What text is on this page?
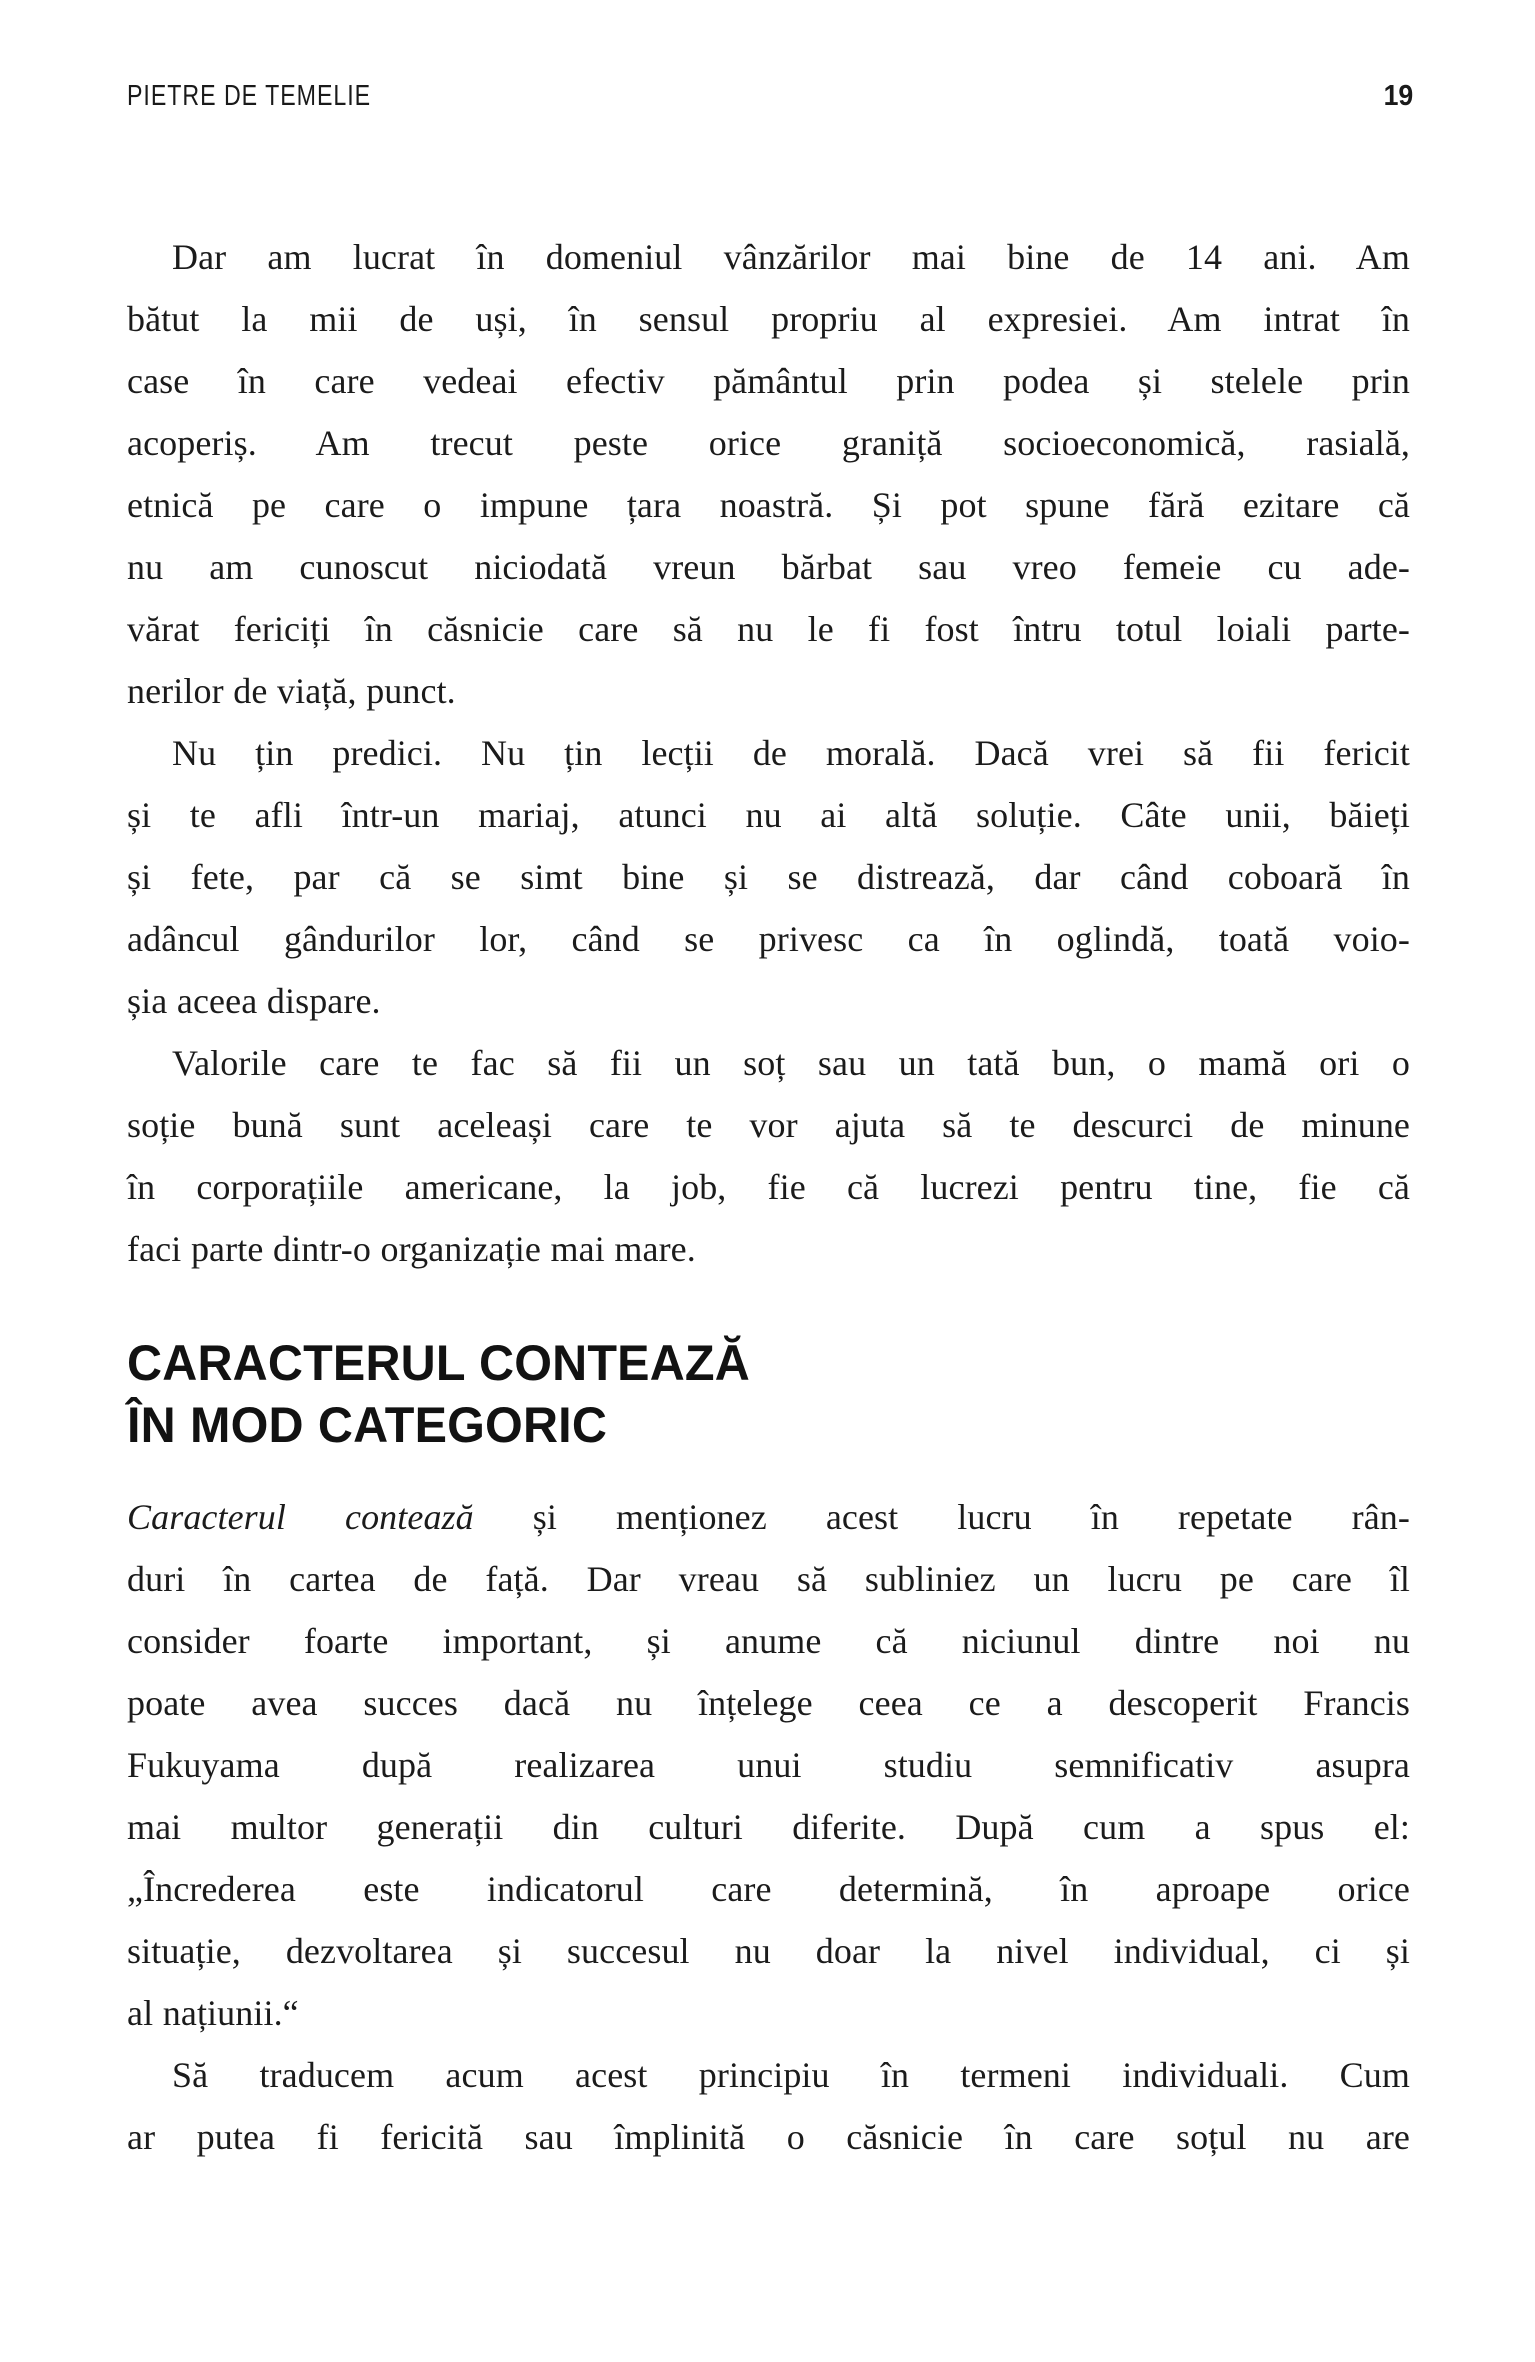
PIETRE DE TEMELIE	19

Dar am lucrat în domeniul vânzărilor mai bine de 14 ani. Am
bătut la mii de uși, în sensul propriu al expresiei. Am intrat în
case în care vedeai efectiv pământul prin podea și stelele prin
acoperiș. Am trecut peste orice graniță socioeconomică, rasială,
etnică pe care o impune țara noastră. Și pot spune fără ezitare că
nu am cunoscut niciodată vreun bărbat sau vreo femeie cu ade-
vărat fericiți în căsnicie care să nu le fi fost întru totul loiali parte-
nerilor de viață, punct.

Nu țin predici. Nu țin lecții de morală. Dacă vrei să fii fericit
și te afli într-un mariaj, atunci nu ai altă soluție. Câte unii, băieți
și fete, par că se simt bine și se distrează, dar când coboară în
adâncul gândurilor lor, când se privesc ca în oglindă, toată voio-
șia aceea dispare.

Valorile care te fac să fii un soț sau un tată bun, o mamă ori o
soție bună sunt aceleași care te vor ajuta să te descurci de minune
în corporațiile americane, la job, fie că lucrezi pentru tine, fie că
faci parte dintr-o organizație mai mare.

CARACTERUL CONTEAZĂ
ÎN MOD CATEGORIC

Caracterul contează și menționez acest lucru în repetate rân-
duri în cartea de față. Dar vreau să subliniez un lucru pe care îl
consider foarte important, și anume că niciunul dintre noi nu
poate avea succes dacă nu înțelege ceea ce a descoperit Francis
Fukuyama după realizarea unui studiu semnificativ asupra
mai multor generații din culturi diferite. După cum a spus el:
„Încrederea este indicatorul care determină, în aproape orice
situație, dezvoltarea și succesul nu doar la nivel individual, ci și
al națiunii.“

Să traducem acum acest principiu în termeni individuali. Cum
ar putea fi fericită sau împlinită o căsnicie în care soțul nu are
